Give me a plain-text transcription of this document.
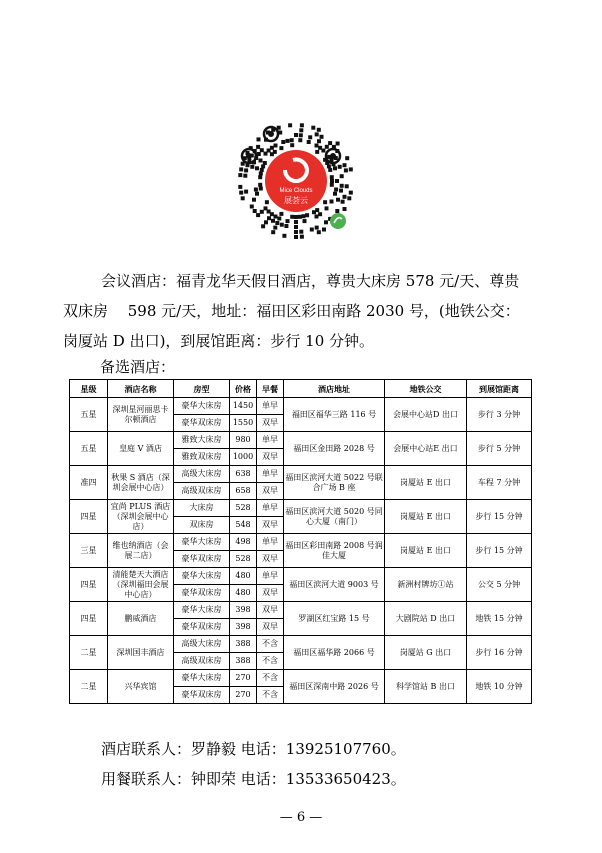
Mice Clouds
展荟云

会议酒店：福青龙华天假日酒店，尊贵大床房 578 元/天、尊贵

双床房　 598 元/天，地址：福田区彩田南路 2030 号，(地铁公交：

岗厦站 D 出口)，到展馆距离：步行 10 分钟。

备选酒店：
星级	酒店名称	房型	价格	早餐	酒店地址	地铁公交	到展馆距离
五星	深圳星河丽思卡尔顿酒店	豪华大床房	1450	单早	福田区福华三路 116 号	会展中心站D 出口	步行 3 分钟
		豪华双床房	1550	双早			
五星	皇庭 V 酒店	雅致大床房	980	单早	福田区金田路 2028 号	会展中心站E 出口	步行 5 分钟
		雅致双床房	1000	双早			
准四	秋果 S 酒店（深圳会展中心店）	高级大床房	638	单早	福田区滨河大道 5022 号联合广场 B 座	岗厦站 E 出口	车程 7 分钟
		高级双床房	658	双早			
四星	宜尚 PLUS 酒店（深圳会展中心店）	大床房	528	单早	福田区滨河大道 5020 号同心大厦（南门）	岗厦站 E 出口	步行 15 分钟
		双床房	548	双早			
三星	维也纳酒店（会展二店）	豪华大床房	498	单早	福田区彩田南路 2008 号润佳大厦	岗厦站 E 出口	步行 15 分钟
		豪华双床房	528	双早			
四星	清能楚天大酒店（深圳福田会展中心店）	豪华大床房	480	单早	福田区滨河大道 9003 号	新洲村牌坊①站	公交 5 分钟
		豪华双床房	480	双早			
四星	鹏威酒店	豪华大床房	398	双早	罗湖区红宝路 15 号	大剧院站 D 出口	地铁 15 分钟
		豪华双床房	398	双早			
二星	深圳国丰酒店	高级大床房	388	不含	福田区福华路 2066 号	岗厦站 G 出口	步行 16 分钟
		高级双床房	388	不含			
二星	兴华宾馆	豪华大床房	270	不含	福田区深南中路 2026 号	科学馆站 B 出口	地铁 10 分钟
		豪华双床房	270	不含			
酒店联系人：罗静毅 电话：13925107760。
用餐联系人：钟即荣 电话：13533650423。
— 6 —
